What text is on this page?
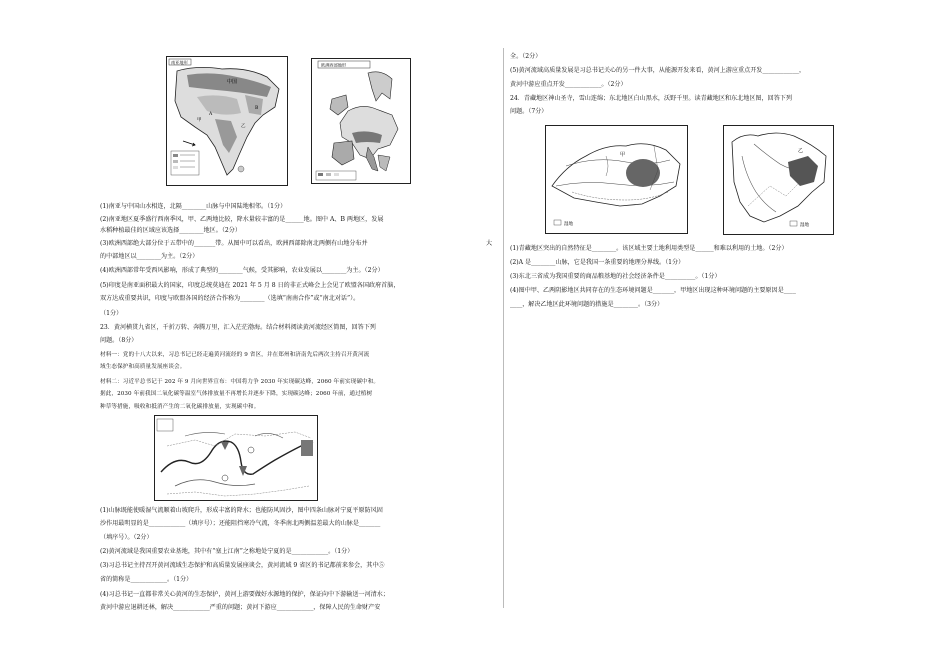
南亚地形
中国
A
B
甲
乙
欧洲西部地形
(1)南亚与中国山水相连，北隔________山脉与中国陆地相邻。（1分）
(2)南亚地区夏季盛行西南季风，甲、乙两地比较，降水量较丰富的是______地。图中 A、B 两地区，发展
水稻种植最佳的区域应该选择________地区。（2分）
(3)欧洲西部绝大部分位于五带中的_______带。从图中可以看出，欧洲西部除南北两侧有山地分布并	大
的中部地区以________为主。（2分）
(4)欧洲西部常年受西风影响，形成了典型的________气候，受其影响，农业发展以________为主。（2分）
(5)印度是南亚面积最大的国家，印度总统莫迪在 2021 年 5 月 8 日的非正式峰会上会见了欧盟各国政府首脑，
双方达成重要共识，印度与欧盟各国的经济合作称为________（选填“南南合作”或“南北对话”）。
（1分）
23．黄河横贯九省区，千折万转、奔腾万里，汇入茫茫渤海。结合材料阅读黄河流经区简图，回答下列
问题。（8分）
材料一：党的十八大以来，习总书记已经走遍黄河流经的 9 省区，并在郑州和济南先后两次主持召开黄河流
域生态保护和高质量发展座谈会。
材料二：习近平总书记于 202 年 9 月向世界宣布：中国将力争 2030 年实现碳达峰，2060 年前实现碳中和。
据此，2030 年前我国二氧化碳等温室气体排放量不再增长并逐步下降，实现碳达峰；2060 年前，通过植树
种草等措施，吸收和抵消产生的二氧化碳排放量，实现碳中和。
(1)山脉既能使暖湿气流顺着山坡爬升，形成丰富的降水；也能防风固沙，图中四条山脉对宁夏平原防风固
沙作用最明显的是____________（填序号）；还能阻挡寒冷气流，冬季南北两侧温差最大的山脉是_______
（填序号）。（2分）
(2)黄河流域是我国重要农业基地，其中有“塞上江南”之称地处宁夏的是____________。（1分）
(3)习总书记主持召开黄河流域生态保护和高质量发展座谈会，黄河流域 9 省区的书记都前来参会，其中⑤
省的简称是____________。（1分）
(4)习总书记一直都非常关心黄河的生态保护，黄河上游要做好水源地的保护，保证向中下游输送一河清水；
黄河中游应退耕还林，解决____________严重的问题；黄河下游应____________，保障人民的生命财产安
全。（2分）
(5)黄河流域高质量发展是习总书记关心的另一件大事，从能源开发来看，黄河上游应重点开发____________，
黄河中游应重点开发____________。（2分）
24．青藏地区神山圣寺，雪山连绵；东北地区白山黑水，沃野千里。读青藏地区和东北地区图，回答下列
问题。（7分）
甲
湿地
乙
湿地
(1)青藏地区突出的自然特征是________。该区域主要土地利用类型是______和难以利用的土地。（2分）
(2)A 是________山脉，它是我国一条重要的地理分界线。（1分）
(3)东北三省成为我国重要的商品粮基地的社会经济条件是__________。（1分）
(4)图中甲、乙两阴影地区共同存在的生态环境问题是_______，甲地区出现这种环境问题的主要原因是____
____，解决乙地区此环境问题的措施是________。（3分）
